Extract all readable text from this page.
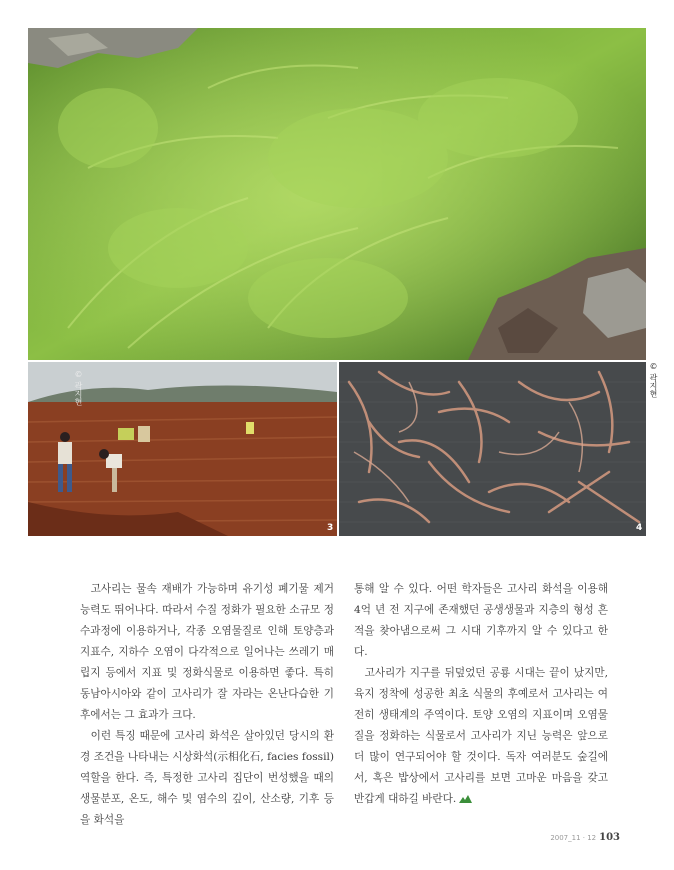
© 곽지현
3
© 곽지현
4

고사리는 물속 재배가 가능하며 유기성 폐기물 제거 능력도 뛰어나다. 따라서 수질 정화가 필요한 소규모 정수과정에 이용하거나, 각종 오염물질로 인해 토양층과 지표수, 지하수 오염이 다각적으로 일어나는 쓰레기 매립지 등에서 지표 및 정화식물로 이용하면 좋다. 특히 동남아시아와 같이 고사리가 잘 자라는 온난다습한 기후에서는 그 효과가 크다.

이런 특징 때문에 고사리 화석은 살아있던 당시의 환경 조건을 나타내는 시상화석(示相化石, facies fossil) 역할을 한다. 즉, 특정한 고사리 집단이 번성했을 때의 생물분포, 온도, 해수 및 염수의 깊이, 산소량, 기후 등을 화석을

통해 알 수 있다. 어떤 학자들은 고사리 화석을 이용해 4억 년 전 지구에 존재했던 공생생물과 지층의 형성 흔적을 찾아냄으로써 그 시대 기후까지 알 수 있다고 한다.

고사리가 지구를 뒤덮었던 공룡 시대는 끝이 났지만, 육지 정착에 성공한 최초 식물의 후예로서 고사리는 여전히 생태계의 주역이다. 토양 오염의 지표이며 오염물질을 정화하는 식물로서 고사리가 지닌 능력은 앞으로 더 많이 연구되어야 할 것이다. 독자 여러분도 숲길에서, 혹은 밥상에서 고사리를 보면 고마운 마음을 갖고 반갑게 대하길 바란다.

2007_11 · 12 103
